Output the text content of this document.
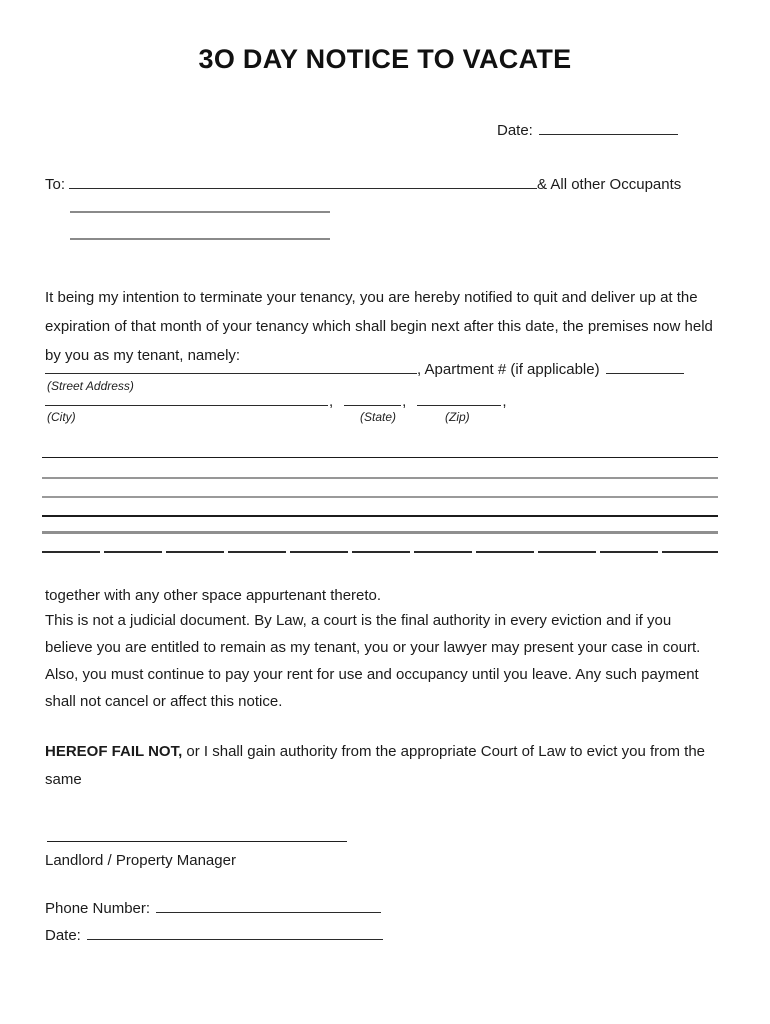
3O DAY NOTICE TO VACATE
Date:
To:	& All other Occupants
It being my intention to terminate your tenancy, you are hereby notified to quit and deliver up at the
expiration of that month of your tenancy which shall begin next after this date, the premises now held
by you as my tenant, namely:
, Apartment # (if applicable)
(Street Address)
,	,	,
(City)	(State)	(Zip)
together with any other space appurtenant thereto.
This is not a judicial document. By Law, a court is the final authority in every eviction and if you
believe you are entitled to remain as my tenant, you or your lawyer may present your case in court.
Also, you must continue to pay your rent for use and occupancy until you leave. Any such payment
shall not cancel or affect this notice.
HEREOF FAIL NOT, or I shall gain authority from the appropriate Court of Law to evict you from the
same
Landlord / Property Manager
Phone Number:
Date:
